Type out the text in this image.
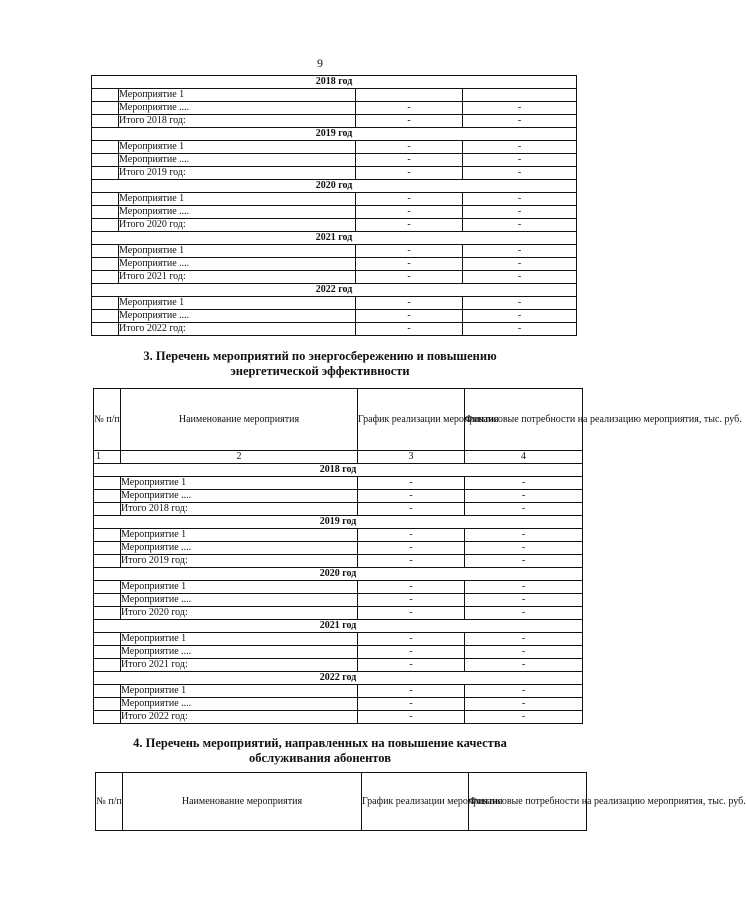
9
2018 год			
	Мероприятие 1		
	Мероприятие ....	-	-
	Итого 2018 год:	-	-
2019 год			
	Мероприятие 1	-	-
	Мероприятие ....	-	-
	Итого 2019 год:	-	-
2020 год			
	Мероприятие 1	-	-
	Мероприятие ....	-	-
	Итого 2020 год:	-	-
2021 год			
	Мероприятие 1	-	-
	Мероприятие ....	-	-
	Итого 2021 год:	-	-
2022 год			
	Мероприятие 1	-	-
	Мероприятие ....	-	-
	Итого 2022 год:	-	-
3. Перечень мероприятий по энергосбережению и повышению
энергетической эффективности
№ п/п	Наименование мероприятия	График реализации мероприятия	Финансовые потребности на реализацию мероприятия, тыс. руб.
1	2	3	4
2018 год			
	Мероприятие 1	-	-
	Мероприятие ....	-	-
	Итого 2018 год:	-	-
2019 год			
	Мероприятие 1	-	-
	Мероприятие ....	-	-
	Итого 2019 год:	-	-
2020 год			
	Мероприятие 1	-	-
	Мероприятие ....	-	-
	Итого 2020 год:	-	-
2021 год			
	Мероприятие 1	-	-
	Мероприятие ....	-	-
	Итого 2021 год:	-	-
2022 год			
	Мероприятие 1	-	-
	Мероприятие ....	-	-
	Итого 2022 год:	-	-
4. Перечень мероприятий, направленных на повышение качества
обслуживания абонентов
№ п/п	Наименование мероприятия	График реализации мероприятия	Финансовые потребности на реализацию мероприятия, тыс. руб.
